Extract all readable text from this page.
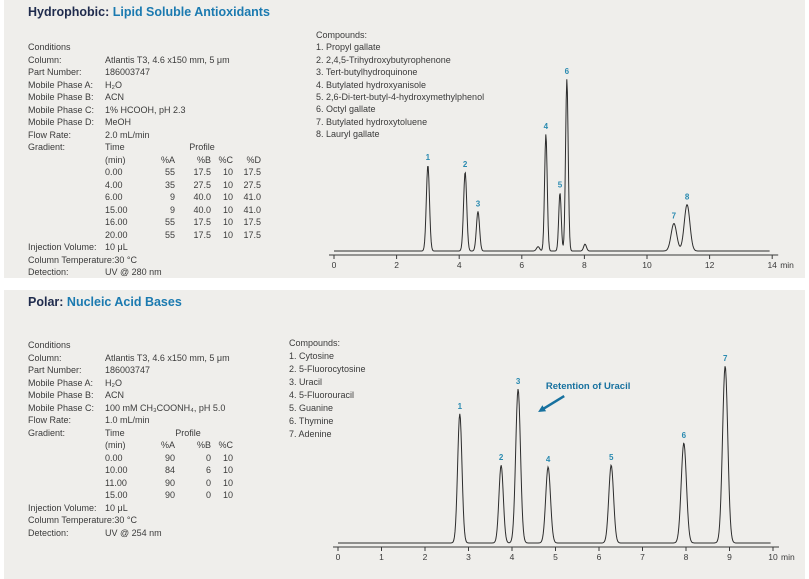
Hydrophobic: Lipid Soluble Antioxidants
Conditions
Column:	Atlantis T3, 4.6 x150 mm, 5 μm
Part Number:	186003747
Mobile Phase A: H₂O
Mobile Phase B: ACN
Mobile Phase C: 1% HCOOH, pH 2.3
Mobile Phase D: MeOH
Flow Rate:	2.0 mL/min
Gradient:	Time	Profile			
(min)	%A	%B	%C	%D
0.00	55	17.5	10	17.5
4.00	35	27.5	10	27.5
6.00	9	40.0	10	41.0
15.00	9	40.0	10	41.0
16.00	55	17.5	10	17.5
20.00	55	17.5	10	17.5
Injection Volume: 10 μL
Column Temperature:30 °C
Detection:	UV @ 280 nm
Compounds:
1. Propyl gallate
2. 2,4,5-Trihydroxybutyrophenone
3. Tert-butylhydroquinone
4. Butylated hydroxyanisole
5. 2,6-Di-tert-butyl-4-hydroxymethylphenol
6. Octyl gallate
7. Butylated hydroxytoluene
8. Lauryl gallate
0	2	4	6	8	10	12	14 min
1
2
3
4
5
6
7
8
Polar: Nucleic Acid Bases
Conditions
Column:	Atlantis T3, 4.6 x150 mm, 5 μm
Part Number:	186003747
Mobile Phase A: H₂O
Mobile Phase B: ACN
Mobile Phase C: 100 mM CH₃COONH₄, pH 5.0
Flow Rate:	1.0 mL/min
Gradient:	Time	Profile		
(min)	%A	%B	%C
0.00	90	0	10
10.00	84	6	10
11.00	90	0	10
15.00	90	0	10
Injection Volume: 10 μL
Column Temperature:30 °C
Detection:	UV @ 254 nm
Compounds:
1. Cytosine
2. 5-Fluorocytosine
3. Uracil
4. 5-Fluorouracil
5. Guanine
6. Thymine
7. Adenine
0	1	2	3	4	5	6	7	8	9	10 min
1
2
3
4	5
6
7
Retention of Uracil
